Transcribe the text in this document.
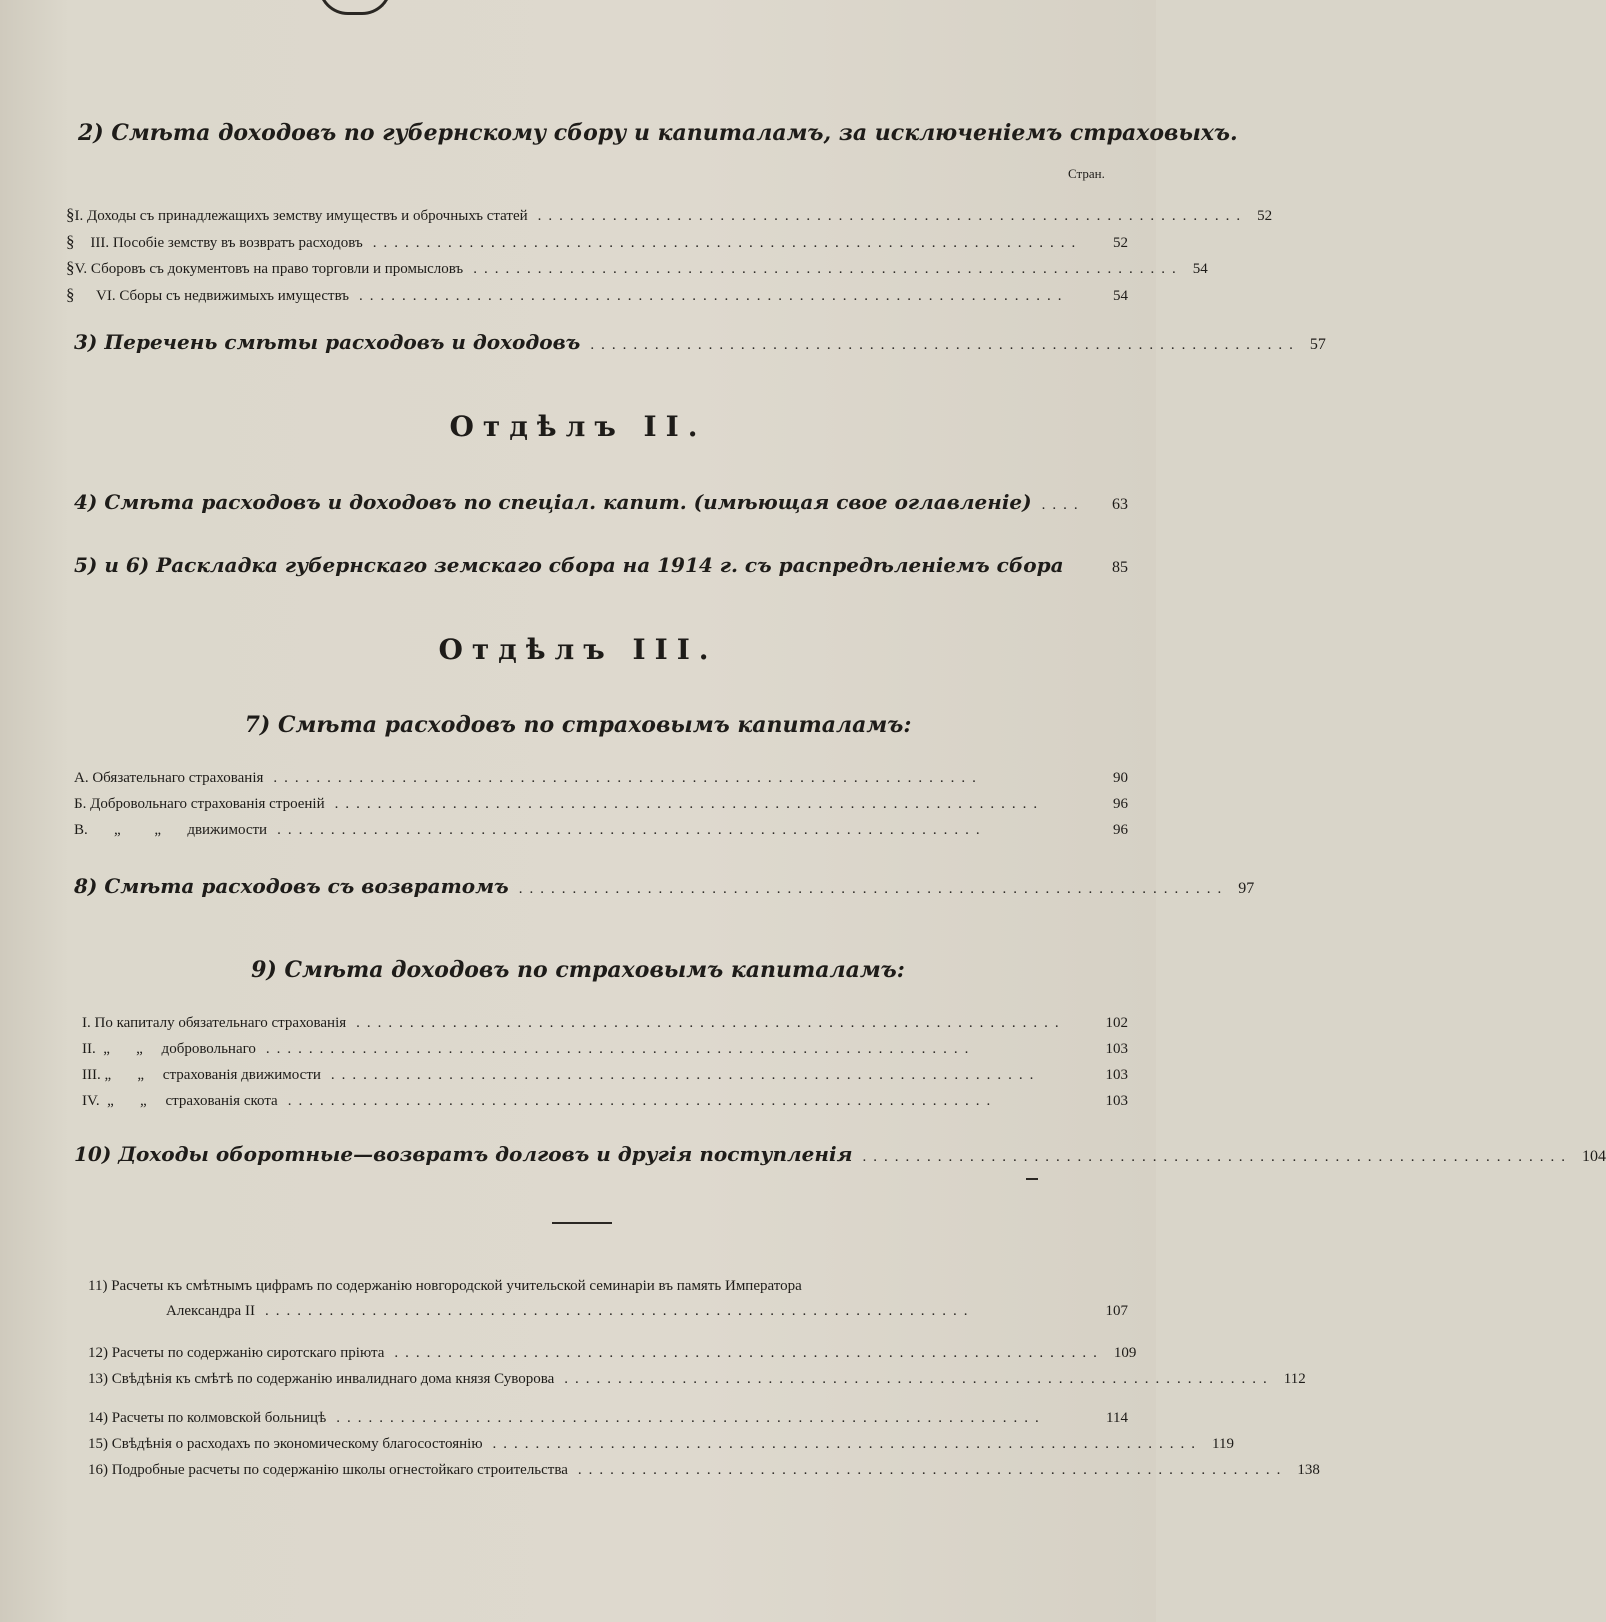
2) Смѣта доходовъ по губернскому сбору и капиталамъ, за исключеніемъ страховыхъ.
Стран.
§ I. Доходы съ принадлежащихъ земству имуществъ и оброчныхъ статей .................................................................. 52
§	III. Пособіе земству въ возвратъ расходовъ ..................................................................	52
§ V. Сборовъ съ документовъ на право торговли и промысловъ .................................................................. 54
§	VI. Сборы съ недвижимыхъ имуществъ ..................................................................	54
3) Перечень смѣты расходовъ и доходовъ .................................................................. 57
Отдѣлъ II.
4) Смѣта расходовъ и доходовъ по спеціал. капит. (имѣющая свое оглавленіе) ....	63
5) и 6) Раскладка губернскаго земскаго сбора на 1914 г. съ распредѣленіемъ сбора	85
Отдѣлъ III.
7) Смѣта расходовъ по страховымъ капиталамъ:
А. Обязательнаго страхованія ..................................................................	90
Б. Добровольнаго страхованія строеній ..................................................................	96
В.       „         „       движимости ..................................................................	96
8) Смѣта расходовъ съ возвратомъ .................................................................. 97
9) Смѣта доходовъ по страховымъ капиталамъ:
I. По капиталу обязательнаго страхованія ..................................................................	102
II.  „       „     добровольнаго ..................................................................	103
III. „       „     страхованія движимости ..................................................................	103
IV.  „       „     страхованія скота ..................................................................	103
10) Доходы оборотные—возвратъ долговъ и другія поступленія .................................................................. 104
11) Расчеты къ смѣтнымъ цифрамъ по содержанію новгородской учительской семинаріи въ память Императора
Александра II ..................................................................	107
12) Расчеты по содержанію сиротскаго пріюта .................................................................. 109
13) Свѣдѣнія къ смѣтѣ по содержанію инвалиднаго дома князя Суворова .................................................................. 112
14) Расчеты по колмовской больницѣ ..................................................................	114
15) Свѣдѣнія о расходахъ по экономическому благосостоянію .................................................................. 119
16) Подробные расчеты по содержанію школы огнестойкаго строительства .................................................................. 138
